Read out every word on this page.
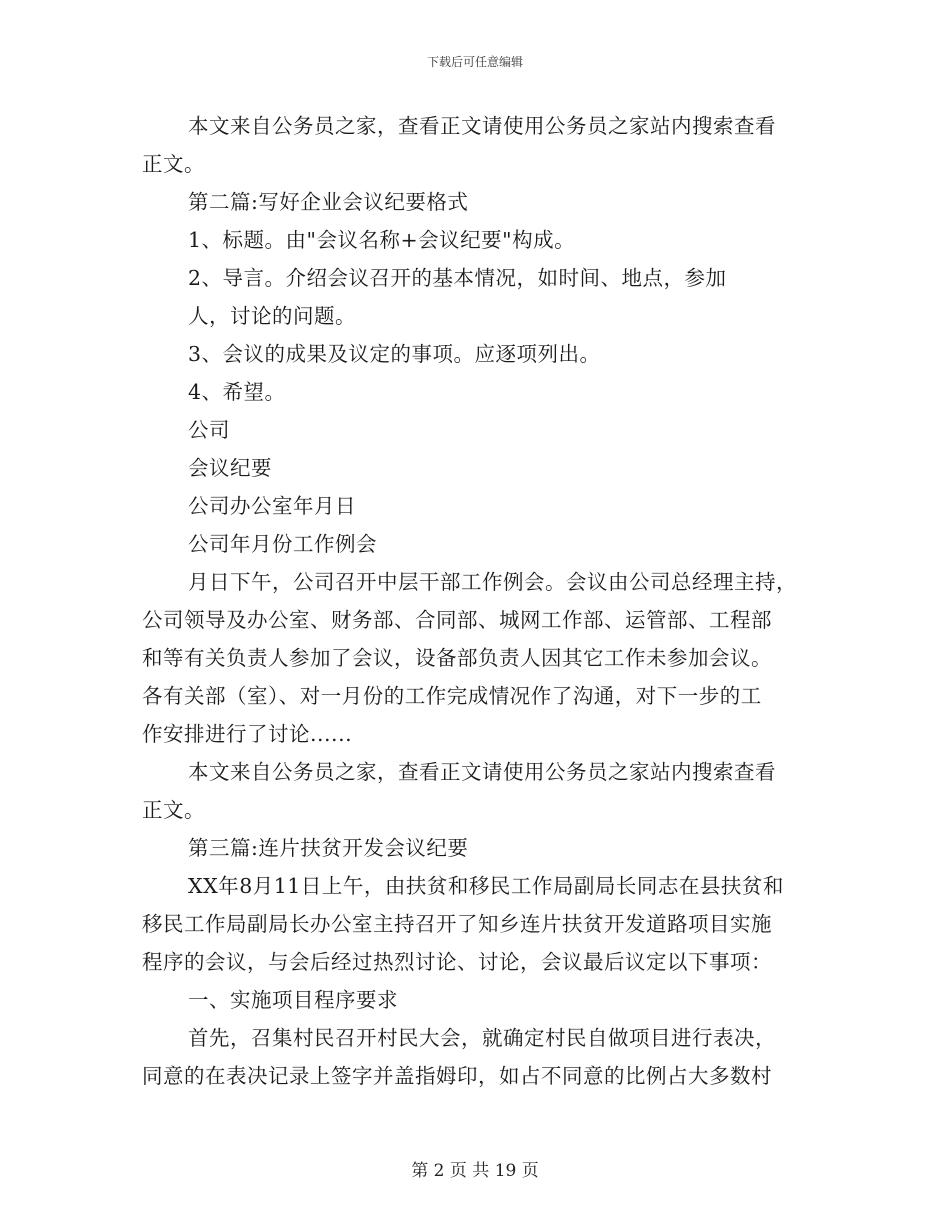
下载后可任意编辑
本文来自公务员之家，查看正文请使用公务员之家站内搜索查看
正文。
第二篇:写好企业会议纪要格式
1、标题。由"会议名称+会议纪要"构成。
2、导言。介绍会议召开的基本情况，如时间、地点，参加
人，讨论的问题。
3、会议的成果及议定的事项。应逐项列出。
4、希望。
公司
会议纪要
公司办公室年月日
公司年月份工作例会
月日下午，公司召开中层干部工作例会。会议由公司总经理主持，
公司领导及办公室、财务部、合同部、城网工作部、运管部、工程部
和等有关负责人参加了会议，设备部负责人因其它工作未参加会议。
各有关部（室）、对一月份的工作完成情况作了沟通，对下一步的工
作安排进行了讨论......
本文来自公务员之家，查看正文请使用公务员之家站内搜索查看
正文。
第三篇:连片扶贫开发会议纪要
XX年8月11日上午，由扶贫和移民工作局副局长同志在县扶贫和
移民工作局副局长办公室主持召开了知乡连片扶贫开发道路项目实施
程序的会议，与会后经过热烈讨论、讨论，会议最后议定以下事项：
一、实施项目程序要求
首先，召集村民召开村民大会，就确定村民自做项目进行表决，
同意的在表决记录上签字并盖指姆印，如占不同意的比例占大多数村
第 2 页 共 19 页
